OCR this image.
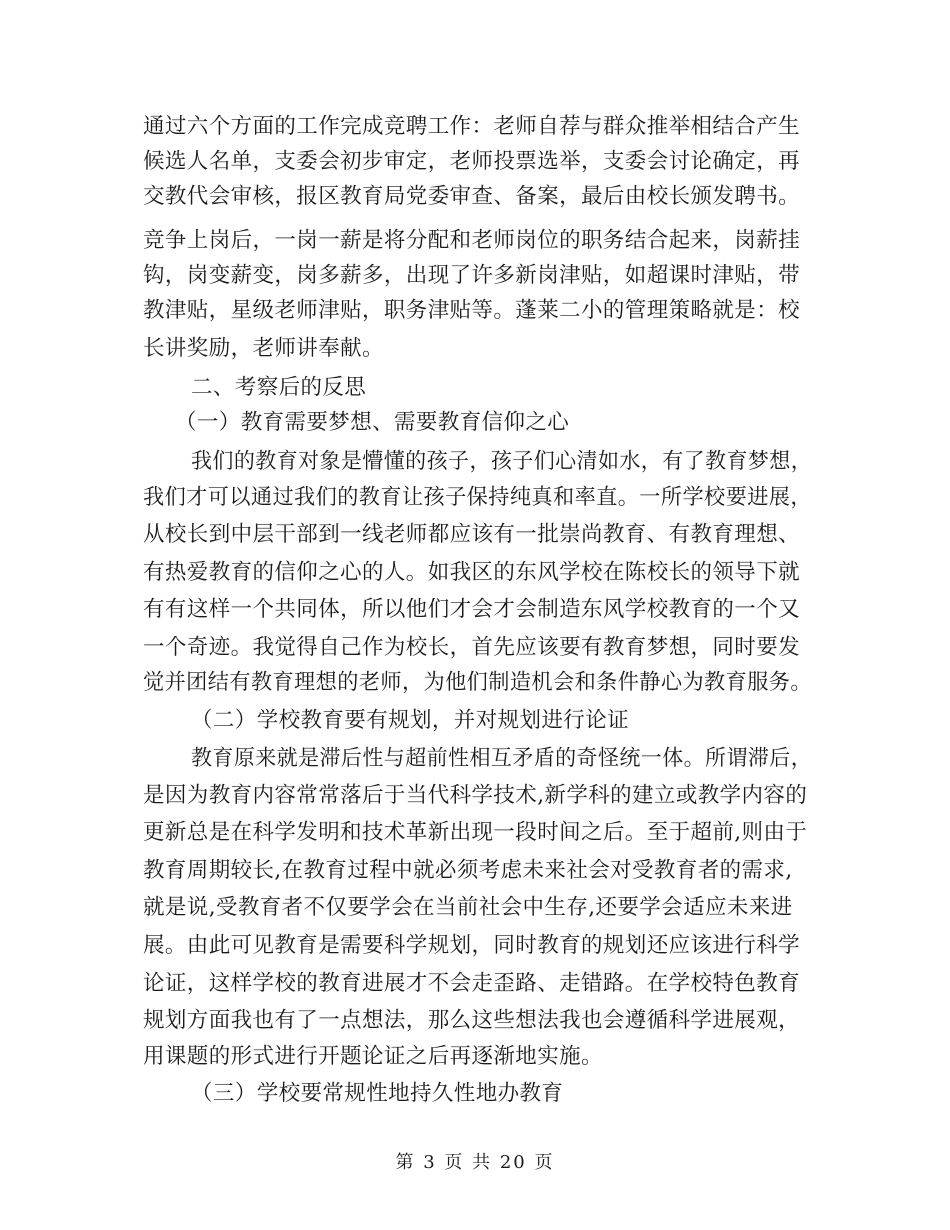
通过六个方面的工作完成竞聘工作：老师自荐与群众推举相结合产生
候选人名单，支委会初步审定，老师投票选举，支委会讨论确定，再
交教代会审核，报区教育局党委审查、备案，最后由校长颁发聘书。
竞争上岗后，一岗一薪是将分配和老师岗位的职务结合起来，岗薪挂
钩，岗变薪变，岗多薪多，出现了许多新岗津贴，如超课时津贴，带
教津贴，星级老师津贴，职务津贴等。蓬莱二小的管理策略就是：校
长讲奖励，老师讲奉献。
二、考察后的反思
（一）教育需要梦想、需要教育信仰之心
我们的教育对象是懵懂的孩子，孩子们心清如水，有了教育梦想，
我们才可以通过我们的教育让孩子保持纯真和率直。一所学校要进展，
从校长到中层干部到一线老师都应该有一批崇尚教育、有教育理想、
有热爱教育的信仰之心的人。如我区的东风学校在陈校长的领导下就
有有这样一个共同体，所以他们才会才会制造东风学校教育的一个又
一个奇迹。我觉得自己作为校长，首先应该要有教育梦想，同时要发
觉并团结有教育理想的老师，为他们制造机会和条件静心为教育服务。
（二）学校教育要有规划，并对规划进行论证
教育原来就是滞后性与超前性相互矛盾的奇怪统一体。所谓滞后，
是因为教育内容常常落后于当代科学技术,新学科的建立或教学内容的
更新总是在科学发明和技术革新出现一段时间之后。至于超前,则由于
教育周期较长,在教育过程中就必须考虑未来社会对受教育者的需求,
就是说,受教育者不仅要学会在当前社会中生存,还要学会适应未来进
展。由此可见教育是需要科学规划，同时教育的规划还应该进行科学
论证，这样学校的教育进展才不会走歪路、走错路。在学校特色教育
规划方面我也有了一点想法，那么这些想法我也会遵循科学进展观，
用课题的形式进行开题论证之后再逐渐地实施。
（三）学校要常规性地持久性地办教育
第 3 页 共 20 页
